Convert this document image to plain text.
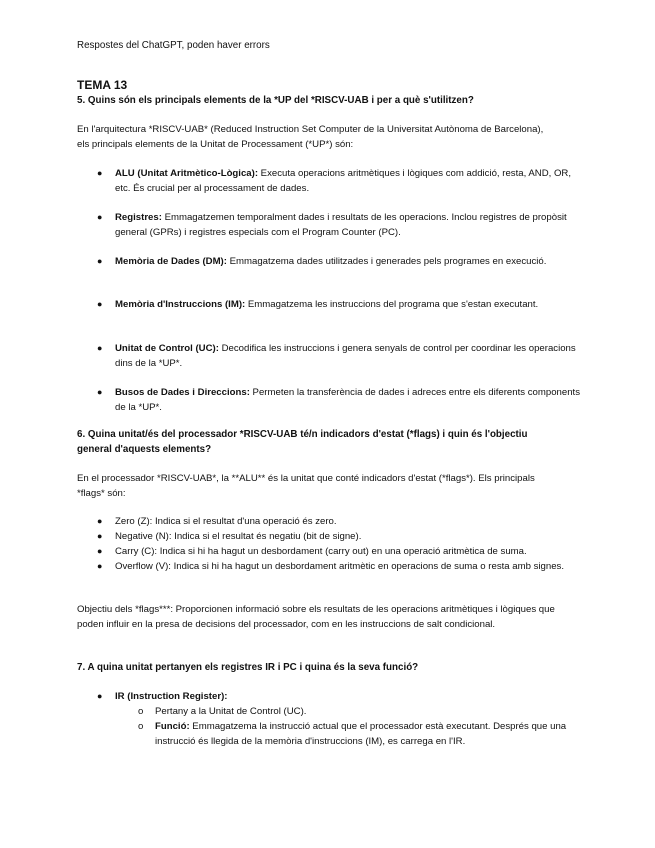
Respostes del ChatGPT, poden haver errors
TEMA 13
5. Quins són els principals elements de la *UP del *RISCV-UAB i per a què s'utilitzen?
En l'arquitectura *RISCV-UAB* (Reduced Instruction Set Computer de la Universitat Autònoma de Barcelona), els principals elements de la Unitat de Processament (*UP*) són:
● ALU (Unitat Aritmètico-Lògica): Executa operacions aritmètiques i lògiques com addició, resta, AND, OR, etc. És crucial per al processament de dades.
● Registres: Emmagatzemen temporalment dades i resultats de les operacions. Inclou registres de propòsit general (GPRs) i registres especials com el Program Counter (PC).
● Memòria de Dades (DM): Emmagatzema dades utilitzades i generades pels programes en execució.
● Memòria d'Instruccions (IM): Emmagatzema les instruccions del programa que s'estan executant.
● Unitat de Control (UC): Decodifica les instruccions i genera senyals de control per coordinar les operacions dins de la *UP*.
● Busos de Dades i Direccions: Permeten la transferència de dades i adreces entre els diferents components de la *UP*.
6. Quina unitat/és del processador *RISCV-UAB té/n indicadors d'estat (*flags) i quin és l'objectiu general d'aquests elements?
En el processador *RISCV-UAB*, la **ALU** és la unitat que conté indicadors d'estat (*flags*). Els principals *flags* són:
● Zero (Z): Indica si el resultat d'una operació és zero.
● Negative (N): Indica si el resultat és negatiu (bit de signe).
● Carry (C): Indica si hi ha hagut un desbordament (carry out) en una operació aritmètica de suma.
● Overflow (V): Indica si hi ha hagut un desbordament aritmètic en operacions de suma o resta amb signes.
Objectiu dels *flags***: Proporcionen informació sobre els resultats de les operacions aritmètiques i lògiques que poden influir en la presa de decisions del processador, com en les instruccions de salt condicional.
7. A quina unitat pertanyen els registres IR i PC i quina és la seva funció?
● IR (Instruction Register):
o Pertany a la Unitat de Control (UC).
o Funció: Emmagatzema la instrucció actual que el processador està executant. Després que una instrucció és llegida de la memòria d'instruccions (IM), es carrega en l'IR.
